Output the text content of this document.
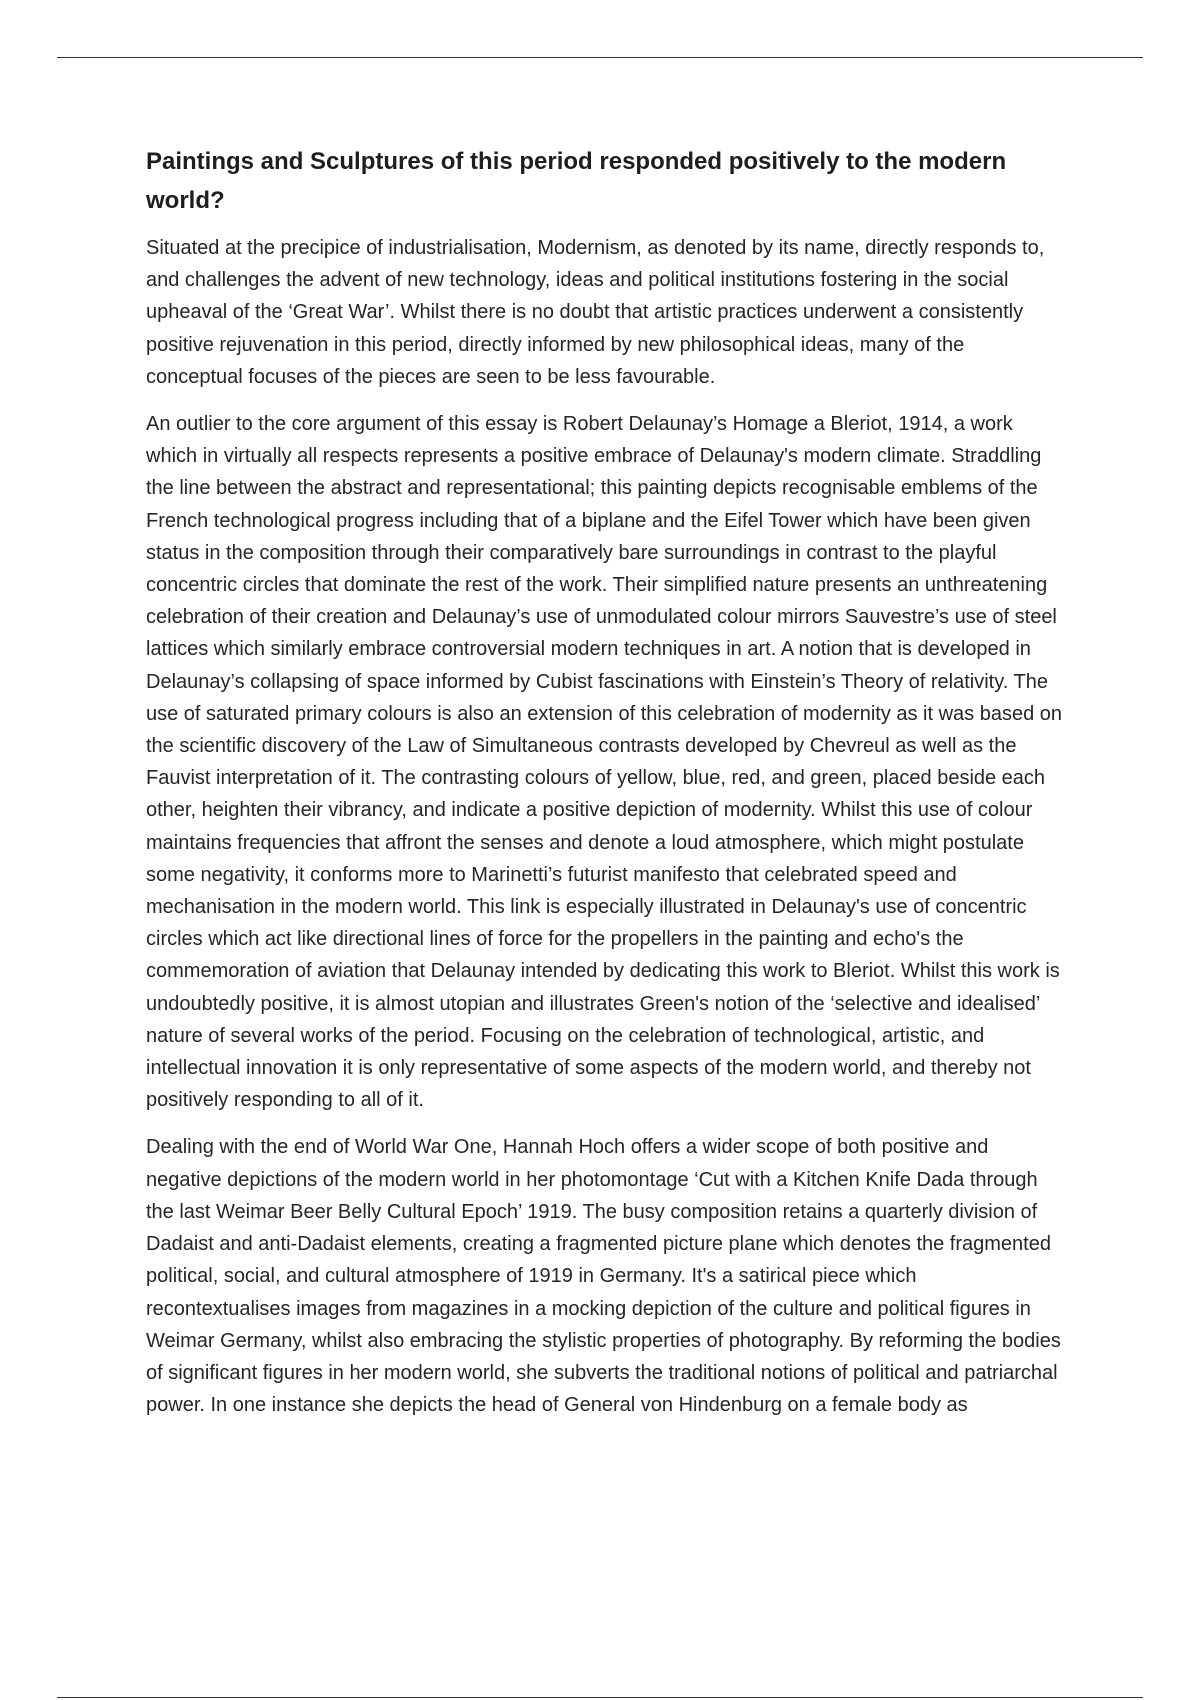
Paintings and Sculptures of this period responded positively to the modern world?

Situated at the precipice of industrialisation, Modernism, as denoted by its name, directly responds to, and challenges the advent of new technology, ideas and political institutions fostering in the social upheaval of the ‘Great War’. Whilst there is no doubt that artistic practices underwent a consistently positive rejuvenation in this period, directly informed by new philosophical ideas, many of the conceptual focuses of the pieces are seen to be less favourable.

An outlier to the core argument of this essay is Robert Delaunay’s Homage a Bleriot, 1914, a work which in virtually all respects represents a positive embrace of Delaunay's modern climate. Straddling the line between the abstract and representational; this painting depicts recognisable emblems of the French technological progress including that of a biplane and the Eifel Tower which have been given status in the composition through their comparatively bare surroundings in contrast to the playful concentric circles that dominate the rest of the work. Their simplified nature presents an unthreatening celebration of their creation and Delaunay’s use of unmodulated colour mirrors Sauvestre’s use of steel lattices which similarly embrace controversial modern techniques in art. A notion that is developed in Delaunay’s collapsing of space informed by Cubist fascinations with Einstein’s Theory of relativity. The use of saturated primary colours is also an extension of this celebration of modernity as it was based on the scientific discovery of the Law of Simultaneous contrasts developed by Chevreul as well as the Fauvist interpretation of it. The contrasting colours of yellow, blue, red, and green, placed beside each other, heighten their vibrancy, and indicate a positive depiction of modernity. Whilst this use of colour maintains frequencies that affront the senses and denote a loud atmosphere, which might postulate some negativity, it conforms more to Marinetti’s futurist manifesto that celebrated speed and mechanisation in the modern world. This link is especially illustrated in Delaunay's use of concentric circles which act like directional lines of force for the propellers in the painting and echo's the commemoration of aviation that Delaunay intended by dedicating this work to Bleriot. Whilst this work is undoubtedly positive, it is almost utopian and illustrates Green's notion of the ‘selective and idealised’ nature of several works of the period. Focusing on the celebration of technological, artistic, and intellectual innovation it is only representative of some aspects of the modern world, and thereby not positively responding to all of it.

Dealing with the end of World War One, Hannah Hoch offers a wider scope of both positive and negative depictions of the modern world in her photomontage ‘Cut with a Kitchen Knife Dada through the last Weimar Beer Belly Cultural Epoch’ 1919. The busy composition retains a quarterly division of Dadaist and anti-Dadaist elements, creating a fragmented picture plane which denotes the fragmented political, social, and cultural atmosphere of 1919 in Germany. It's a satirical piece which recontextualises images from magazines in a mocking depiction of the culture and political figures in Weimar Germany, whilst also embracing the stylistic properties of photography. By reforming the bodies of significant figures in her modern world, she subverts the traditional notions of political and patriarchal power. In one instance she depicts the head of General von Hindenburg on a female body as
